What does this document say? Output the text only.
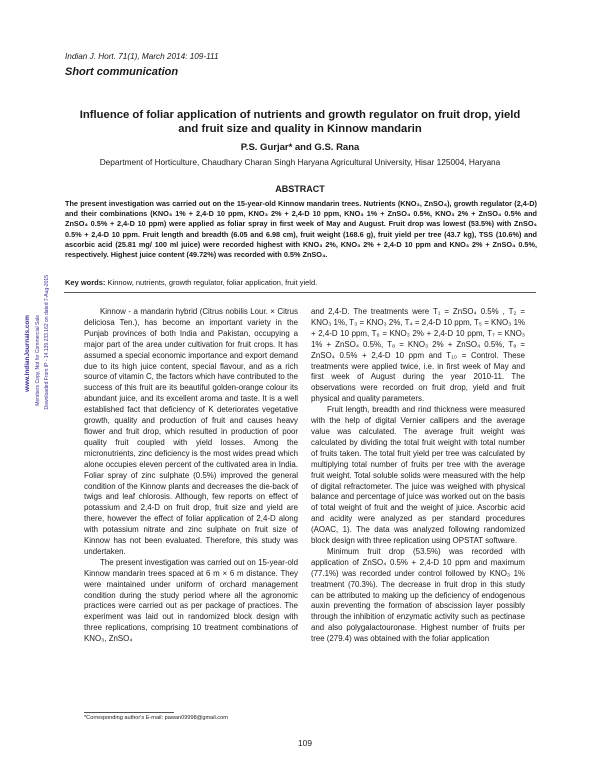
Indian J. Hort. 71(1), March 2014: 109-111
Short communication
Influence of foliar application of nutrients and growth regulator on fruit drop, yield and fruit size and quality in Kinnow mandarin
P.S. Gurjar* and G.S. Rana
Department of Horticulture, Chaudhary Charan Singh Haryana Agricultural University, Hisar 125004, Haryana
ABSTRACT
The present investigation was carried out on the 15-year-old Kinnow mandarin trees. Nutrients (KNO₃, ZnSO₄), growth regulator (2,4-D) and their combinations (KNO₃ 1% + 2,4-D 10 ppm, KNO₃ 2% + 2,4-D 10 ppm, KNO₃ 1% + ZnSO₄ 0.5%, KNO₃ 2% + ZnSO₄ 0.5% and ZnSO₄ 0.5% + 2,4-D 10 ppm) were applied as foliar spray in first week of May and August. Fruit drop was lowest (53.5%) with ZnSO₄ 0.5% + 2,4-D 10 ppm. Fruit length and breadth (6.05 and 6.98 cm), fruit weight (168.6 g), fruit yield per tree (43.7 kg), TSS (10.6%) and ascorbic acid (25.81 mg/ 100 ml juice) were recorded highest with KNO₃ 2%, KNO₃ 2% + 2,4-D 10 ppm and KNO₃ 2% + ZnSO₄ 0.5%, respectively. Highest juice content (49.72%) was recorded with 0.5% ZnSO₄.
Key words: Kinnow, nutrients, growth regulator, foliar application, fruit yield.
www.IndianJournals.com Members Copy, Not for Commercial Sale Downloaded From IP - 14.139.233.162 on dated 7-Aug-2015	Kinnow - a mandarin hybrid (Citrus nobilis Lour. × Citrus deliciosa Ten.), has become an important variety in the Punjab provinces of both India and Pakistan, occupying a major part of the area under cultivation for fruit crops. It has assumed a special economic importance and export demand due to its high juice content, special flavour, and as a rich source of vitamin C, the factors which have contributed to the success of this fruit are its beautiful golden-orange colour its abundant juice, and its excellent aroma and taste. It is a well established fact that deficiency of K deteriorates vegetative growth, quality and production of fruit and causes heavy flower and fruit drop, which resulted in production of poor quality fruit coupled with yield losses. Among the micronutrients, zinc deficiency is the most wides pread which alone occupies eleven percent of the cultivated area in India. Foliar spray of zinc sulphate (0.5%) improved the general condition of the Kinnow plants and decreases the die-back of twigs and leaf chlorosis. Although, few reports on effect of potassium and 2,4-D on fruit drop, fruit size and yield are there, however the effect of foliar application of 2,4-D along with potassium nitrate and zinc sulphate on fruit size of Kinnow has not been evaluated. Therefore, this study was undertaken.

The present investigation was carried out on 15-year-old Kinnow mandarin trees spaced at 6 m × 6 m distance. They were maintained under uniform of orchard management condition during the study period where all the agronomic practices were carried out as per package of practices. The experiment was laid out in randomized block design with three replications, comprising 10 treatment combinations of KNO₃, ZnSO₄

and 2,4-D. The treatments were T₁ = ZnSO₄ 0.5% , T₂ = KNO₃ 1%, T₃ = KNO₃ 2%, T₄ = 2,4-D 10 ppm, T₅ = KNO₃ 1% + 2,4-D 10 ppm, T₆ = KNO₃ 2% + 2,4-D 10 ppm, T₇ = KNO₃ 1% + ZnSO₄ 0.5%, T₈ = KNO₃ 2% + ZnSO₄ 0.5%, T₉ = ZnSO₄ 0.5% + 2,4-D 10 ppm and T₁₀ = Control. These treatments were applied twice, i.e. in first week of May and first week of August during the year 2010-11. The observations were recorded on fruit drop, yield and fruit physical and quality parameters.

Fruit length, breadth and rind thickness were measured with the help of digital Vernier callipers and the average value was calculated. The average fruit weight was calculated by dividing the total fruit weight with total number of fruits taken. The total fruit yield per tree was calculated by multiplying total number of fruits per tree with the average fruit weight. Total soluble solids were measured with the help of digital refractometer. The juice was weighed with physical balance and percentage of juice was worked out on the basis of total weight of fruit and the weight of juice. Ascorbic acid and acidity were analyzed as per standard procedures (AOAC, 1). The data was analyzed following randomized block design with three replication using OPSTAT software.

Minimum fruit drop (53.5%) was recorded with application of ZnSO₄ 0.5% + 2,4-D 10 ppm and maximum (77.1%) was recorded under control followed by KNO₃ 1% treatment (70.3%). The decrease in fruit drop in this study can be attributed to making up the deficiency of endogenous auxin preventing the formation of abscission layer possibly through the inhibition of enzymatic activity such as pectinase and also polygalactouronase. Highest number of fruits per tree (279.4) was obtained with the foliar application

*Corresponding author's E-mail: pawan09998@gmail.com
109
